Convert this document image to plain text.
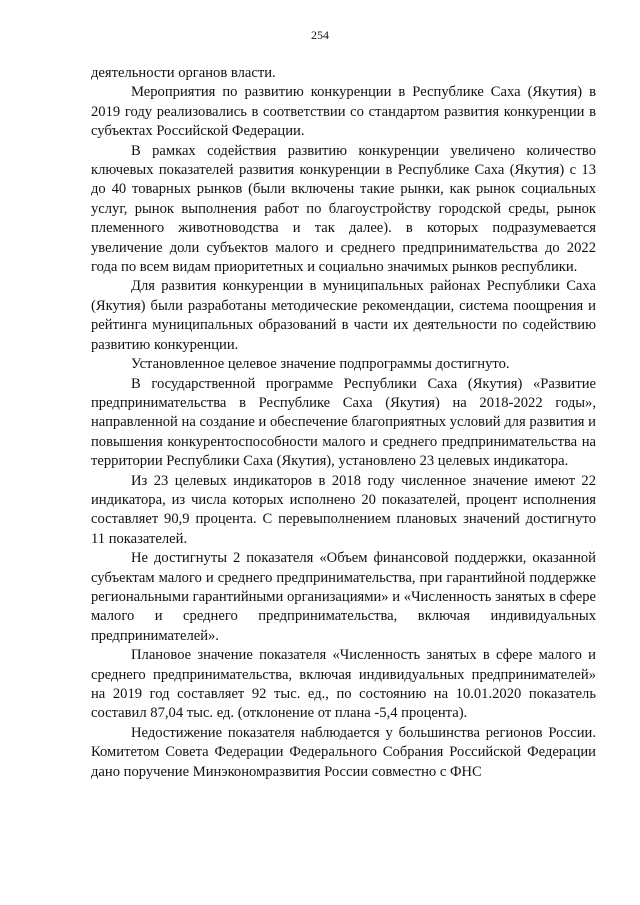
254

деятельности органов власти.

Мероприятия по развитию конкуренции в Республике Саха (Якутия) в 2019 году реализовались в соответствии со стандартом развития конкуренции в субъектах Российской Федерации.

В рамках содействия развитию конкуренции увеличено количество ключевых показателей развития конкуренции в Республике Саха (Якутия) с 13 до 40 товарных рынков (были включены такие рынки, как рынок социальных услуг, рынок выполнения работ по благоустройству городской среды, рынок племенного животноводства и так далее). в которых подразумевается увеличение доли субъектов малого и среднего предпринимательства до 2022 года по всем видам приоритетных и социально значимых рынков республики.

Для развития конкуренции в муниципальных районах Республики Саха (Якутия) были разработаны методические рекомендации, система поощрения и рейтинга муниципальных образований в части их деятельности по содействию развитию конкуренции.

Установленное целевое значение подпрограммы достигнуто.

В государственной программе Республики Саха (Якутия) «Развитие предпринимательства в Республике Саха (Якутия) на 2018-2022 годы», направленной на создание и обеспечение благоприятных условий для развития и повышения конкурентоспособности малого и среднего предпринимательства на территории Республики Саха (Якутия), установлено 23 целевых индикатора.

Из 23 целевых индикаторов в 2018 году численное значение имеют 22 индикатора, из числа которых исполнено 20 показателей, процент исполнения составляет 90,9 процента. С перевыполнением плановых значений достигнуто 11 показателей.

Не достигнуты 2 показателя «Объем финансовой поддержки, оказанной субъектам малого и среднего предпринимательства, при гарантийной поддержке региональными гарантийными организациями» и «Численность занятых в сфере малого и среднего предпринимательства, включая индивидуальных предпринимателей».

Плановое значение показателя «Численность занятых в сфере малого и среднего предпринимательства, включая индивидуальных предпринимателей» на 2019 год составляет 92 тыс. ед., по состоянию на 10.01.2020 показатель составил 87,04 тыс. ед. (отклонение от плана -5,4 процента).

Недостижение показателя наблюдается у большинства регионов России. Комитетом Совета Федерации Федерального Собрания Российской Федерации дано поручение Минэкономразвития России совместно с ФНС
